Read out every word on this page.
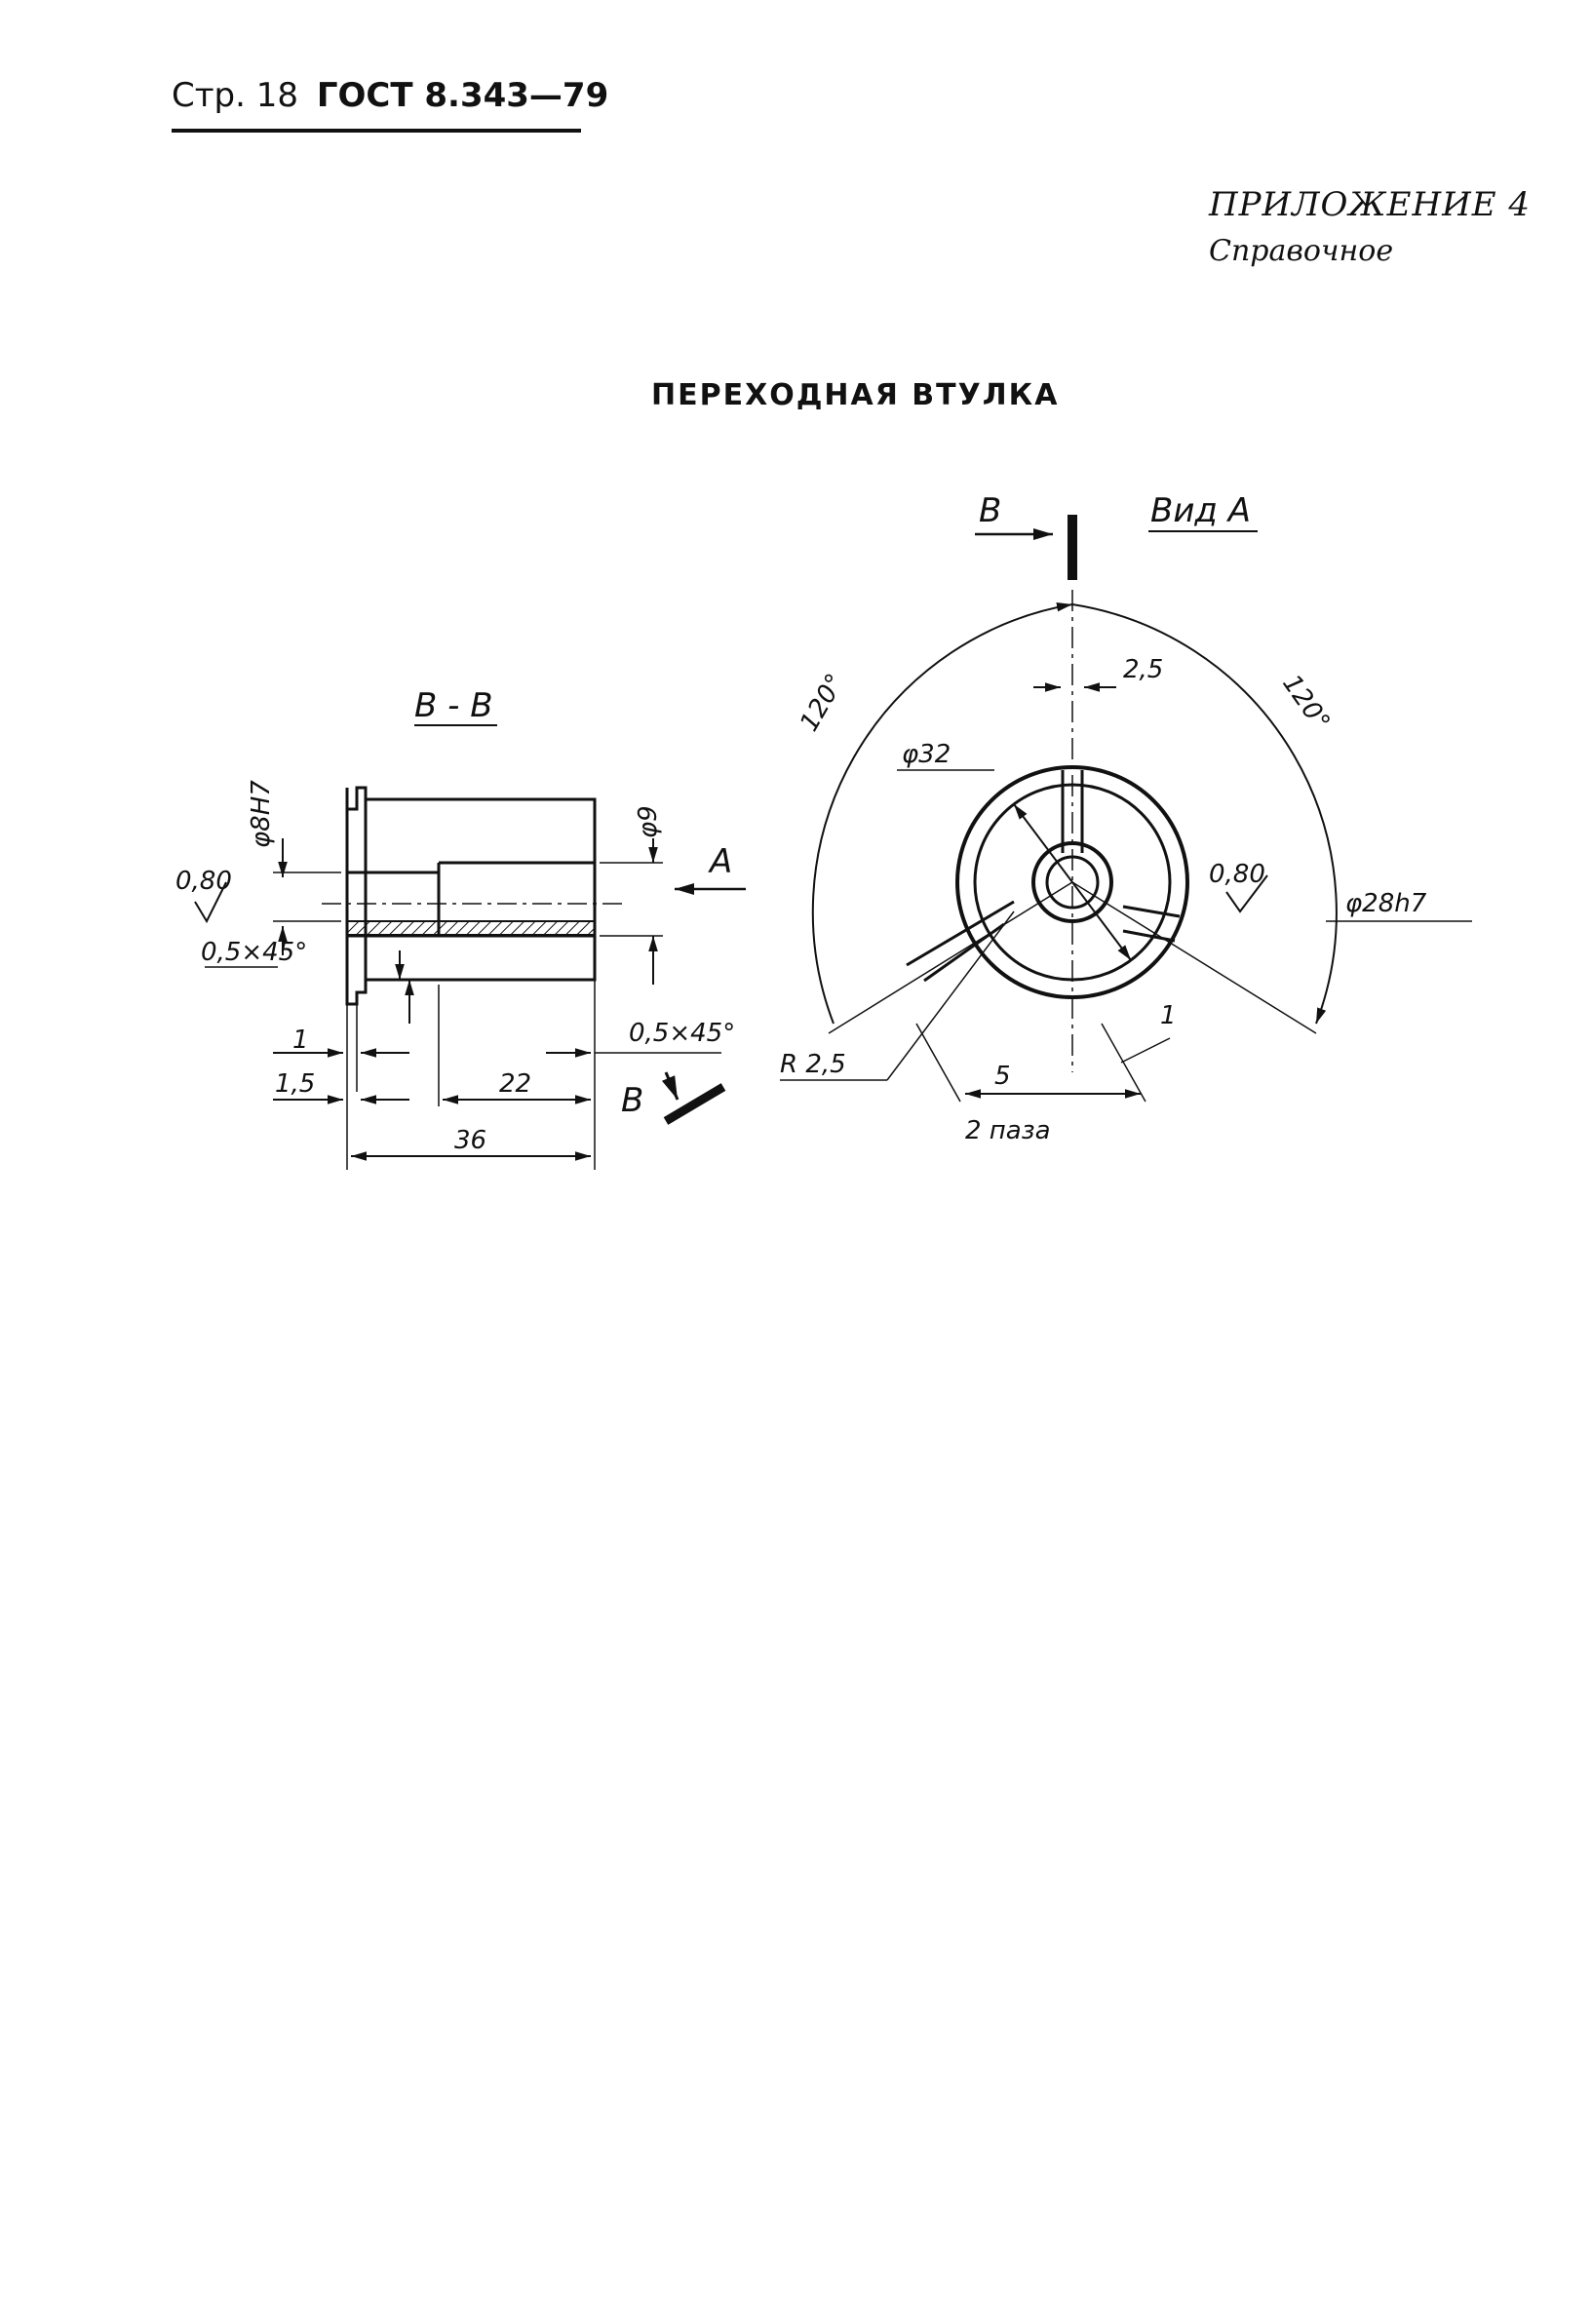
Стр. 18 ГОСТ 8.343—79
ПРИЛОЖЕНИЕ 4
Справочное
ПЕРЕХОДНАЯ ВТУЛКА
В - В
φ8Н7	φ9
А
0,80
0,5×45°
1
1,5	22
36
0,5×45°
В
Вид А
В
120°	120°
2,5
φ32
0,80
φ28h7
R 2,5	5
1
2 паза
